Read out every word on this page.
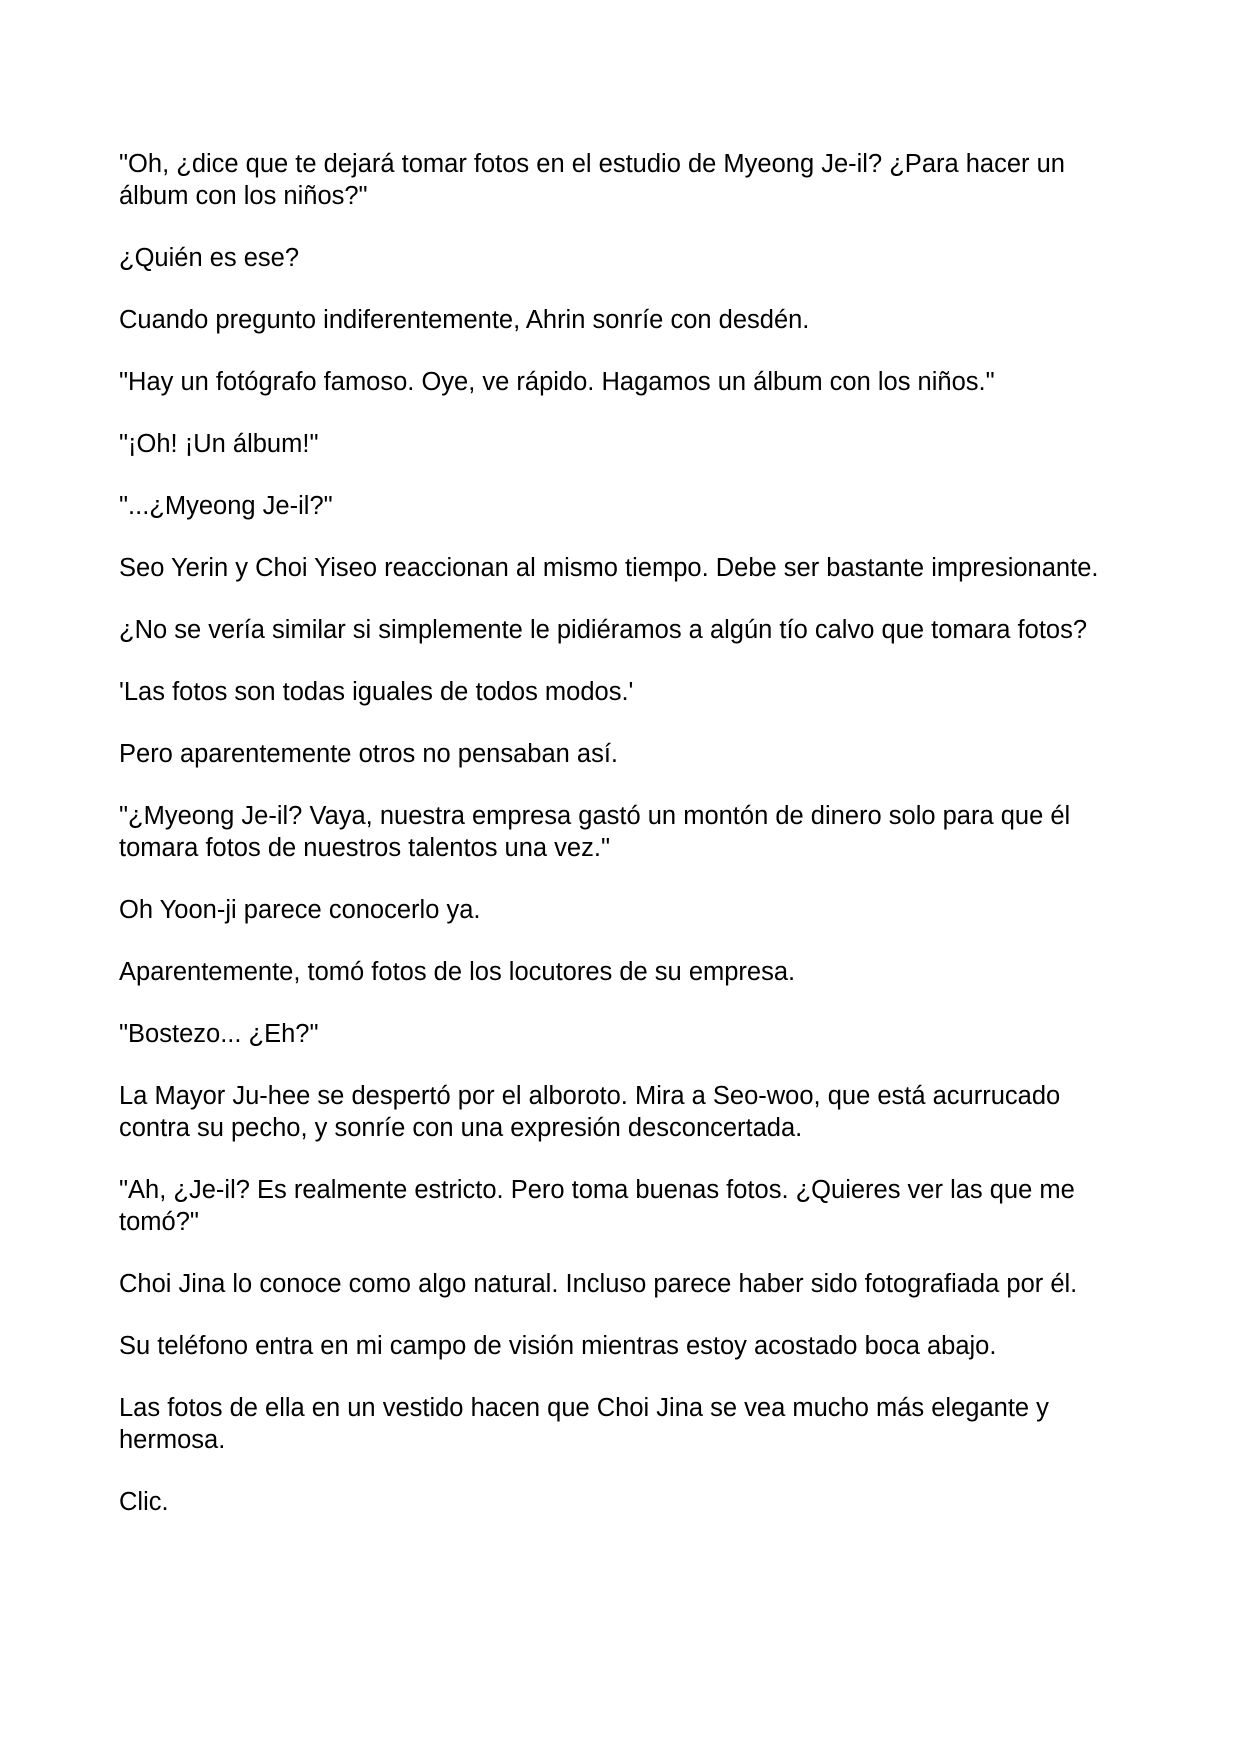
"Oh, ¿dice que te dejará tomar fotos en el estudio de Myeong Je-il? ¿Para hacer un álbum con los niños?"

¿Quién es ese?

Cuando pregunto indiferentemente, Ahrin sonríe con desdén.

"Hay un fotógrafo famoso. Oye, ve rápido. Hagamos un álbum con los niños."

"¡Oh! ¡Un álbum!"

"...¿Myeong Je-il?"

Seo Yerin y Choi Yiseo reaccionan al mismo tiempo. Debe ser bastante impresionante.

¿No se vería similar si simplemente le pidiéramos a algún tío calvo que tomara fotos?

'Las fotos son todas iguales de todos modos.'

Pero aparentemente otros no pensaban así.

"¿Myeong Je-il? Vaya, nuestra empresa gastó un montón de dinero solo para que él tomara fotos de nuestros talentos una vez."

Oh Yoon-ji parece conocerlo ya.

Aparentemente, tomó fotos de los locutores de su empresa.

"Bostezo... ¿Eh?"

La Mayor Ju-hee se despertó por el alboroto. Mira a Seo-woo, que está acurrucado contra su pecho, y sonríe con una expresión desconcertada.

"Ah, ¿Je-il? Es realmente estricto. Pero toma buenas fotos. ¿Quieres ver las que me tomó?"

Choi Jina lo conoce como algo natural. Incluso parece haber sido fotografiada por él.

Su teléfono entra en mi campo de visión mientras estoy acostado boca abajo.

Las fotos de ella en un vestido hacen que Choi Jina se vea mucho más elegante y hermosa.

Clic.
